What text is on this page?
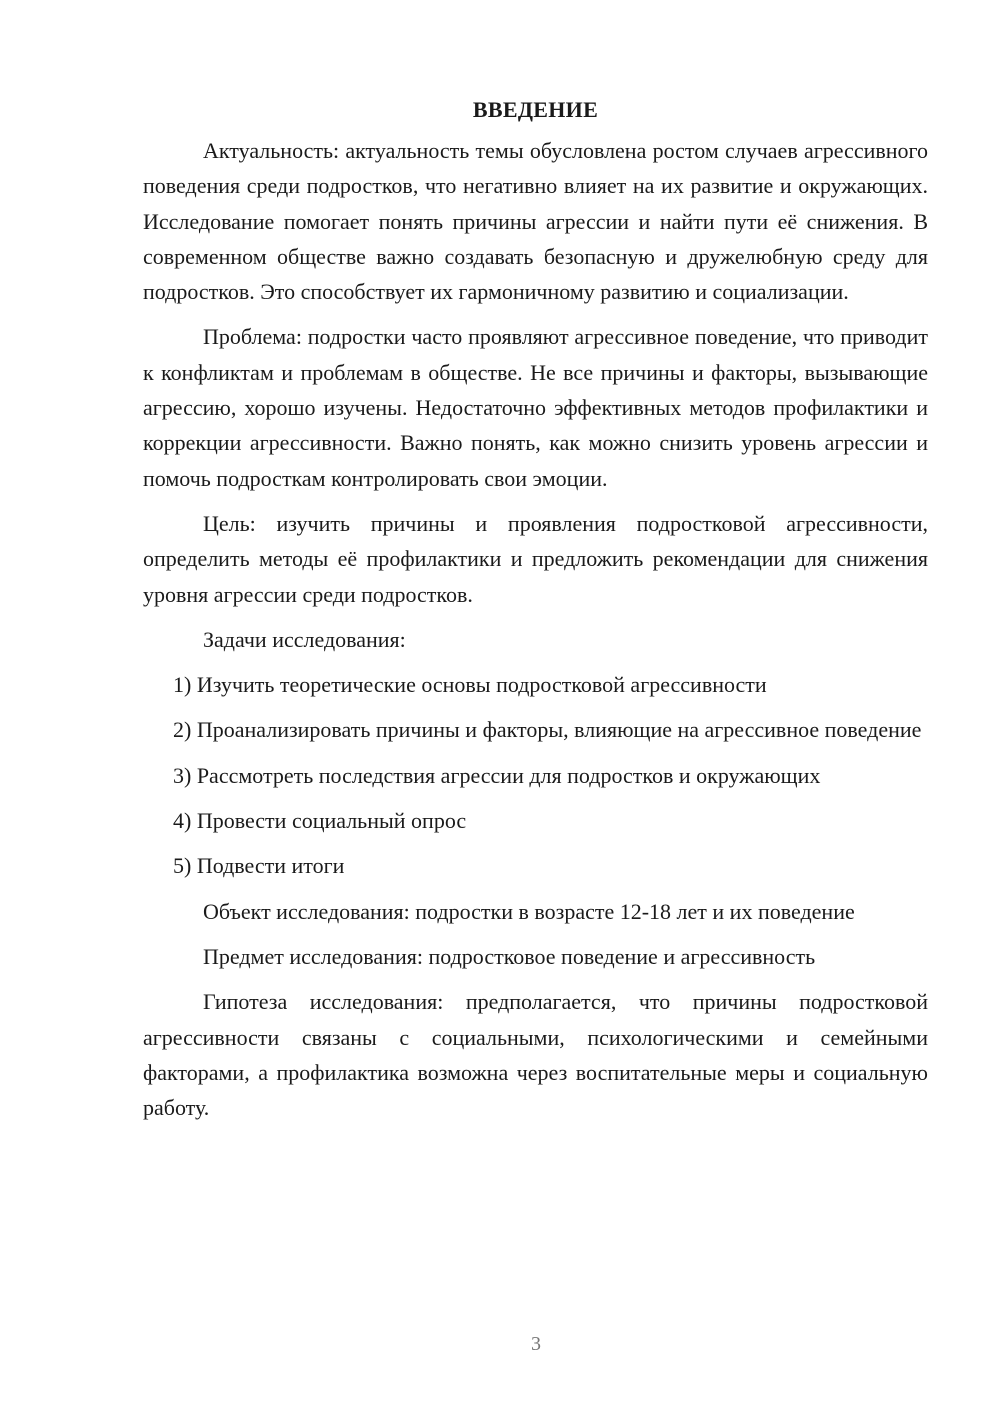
ВВЕДЕНИЕ

Актуальность: актуальность темы обусловлена ростом случаев агрессивного поведения среди подростков, что негативно влияет на их развитие и окружающих. Исследование помогает понять причины агрессии и найти пути её снижения. В современном обществе важно создавать безопасную и дружелюбную среду для подростков. Это способствует их гармоничному развитию и социализации.

Проблема: подростки часто проявляют агрессивное поведение, что приводит к конфликтам и проблемам в обществе. Не все причины и факторы, вызывающие агрессию, хорошо изучены. Недостаточно эффективных методов профилактики и коррекции агрессивности. Важно понять, как можно снизить уровень агрессии и помочь подросткам контролировать свои эмоции.

Цель: изучить причины и проявления подростковой агрессивности, определить методы её профилактики и предложить рекомендации для снижения уровня агрессии среди подростков.

Задачи исследования:

1) Изучить теоретические основы подростковой агрессивности

2) Проанализировать причины и факторы, влияющие на агрессивное поведение

3) Рассмотреть последствия агрессии для подростков и окружающих

4) Провести социальный опрос

5) Подвести итоги

Объект исследования: подростки в возрасте 12-18 лет и их поведение

Предмет исследования: подростковое поведение и агрессивность

Гипотеза исследования: предполагается, что причины подростковой агрессивности связаны с социальными, психологическими и семейными факторами, а профилактика возможна через воспитательные меры и социальную работу.

3
